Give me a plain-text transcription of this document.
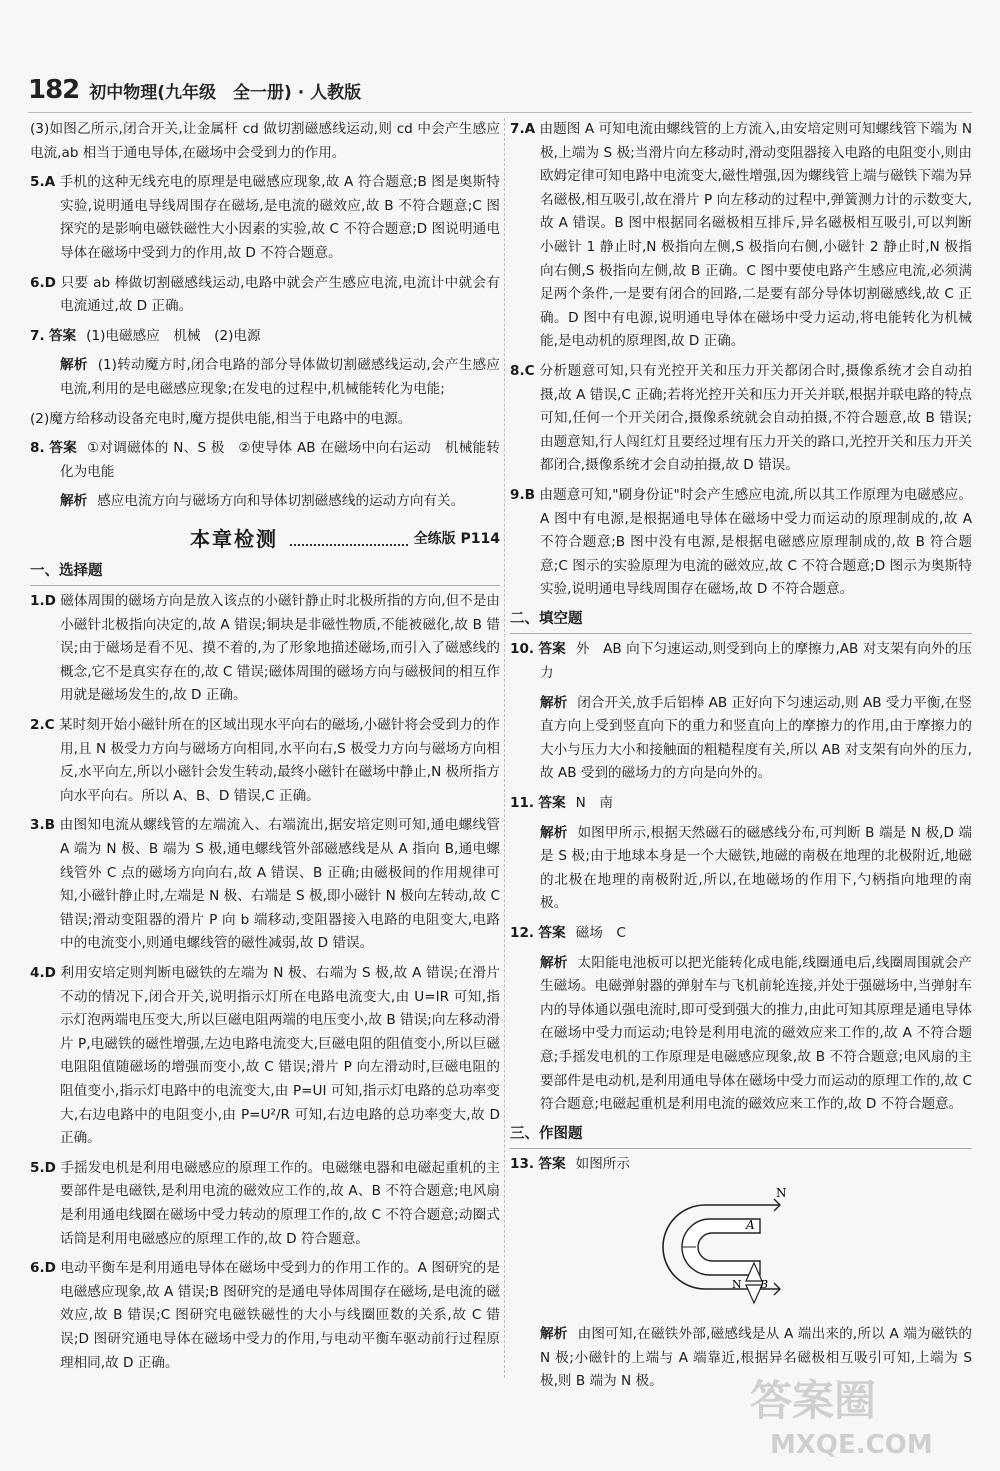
182 初中物理(九年级　全一册) · 人教版

(3)如图乙所示,闭合开关,让金属杆 cd 做切割磁感线运动,则 cd 中会产生感应电流,ab 相当于通电导体,在磁场中会受到力的作用。

5.A 手机的这种无线充电的原理是电磁感应现象,故 A 符合题意;B 图是奥斯特实验,说明通电导线周围存在磁场,是电流的磁效应,故 B 不符合题意;C 图探究的是影响电磁铁磁性大小因素的实验,故 C 不符合题意;D 图说明通电导体在磁场中受到力的作用,故 D 不符合题意。

6.D 只要 ab 棒做切割磁感线运动,电路中就会产生感应电流,电流计中就会有电流通过,故 D 正确。

7. 答案 (1)电磁感应　机械　(2)电源

解析 (1)转动魔方时,闭合电路的部分导体做切割磁感线运动,会产生感应电流,利用的是电磁感应现象;在发电的过程中,机械能转化为电能;

(2)魔方给移动设备充电时,魔方提供电能,相当于电路中的电源。

8. 答案 ①对调磁体的 N、S 极　②使导体 AB 在磁场中向右运动　机械能转化为电能

解析 感应电流方向与磁场方向和导体切割磁感线的运动方向有关。

本章检测	全练版 P114
一、选择题

1.D 磁体周围的磁场方向是放入该点的小磁针静止时北极所指的方向,但不是由小磁针北极指向决定的,故 A 错误;铜块是非磁性物质,不能被磁化,故 B 错误;由于磁场是看不见、摸不着的,为了形象地描述磁场,而引入了磁感线的概念,它不是真实存在的,故 C 错误;磁体周围的磁场方向与磁极间的相互作用就是磁场发生的,故 D 正确。

2.C 某时刻开始小磁针所在的区域出现水平向右的磁场,小磁针将会受到力的作用,且 N 极受力方向与磁场方向相同,水平向右,S 极受力方向与磁场方向相反,水平向左,所以小磁针会发生转动,最终小磁针在磁场中静止,N 极所指方向水平向右。所以 A、B、D 错误,C 正确。

3.B 由图知电流从螺线管的左端流入、右端流出,据安培定则可知,通电螺线管 A 端为 N 极、B 端为 S 极,通电螺线管外部磁感线是从 A 指向 B,通电螺线管外 C 点的磁场方向向右,故 A 错误、B 正确;由磁极间的作用规律可知,小磁针静止时,左端是 N 极、右端是 S 极,即小磁针 N 极向左转动,故 C 错误;滑动变阻器的滑片 P 向 b 端移动,变阻器接入电路的电阻变大,电路中的电流变小,则通电螺线管的磁性减弱,故 D 错误。

4.D 利用安培定则判断电磁铁的左端为 N 极、右端为 S 极,故 A 错误;在滑片不动的情况下,闭合开关,说明指示灯所在电路电流变大,由 U=IR 可知,指示灯泡两端电压变大,所以巨磁电阻两端的电压变小,故 B 错误;向左移动滑片 P,电磁铁的磁性增强,左边电路电流变大,巨磁电阻的阻值变小,所以巨磁电阻阻值随磁场的增强而变小,故 C 错误;滑片 P 向左滑动时,巨磁电阻的阻值变小,指示灯电路中的电流变大,由 P=UI 可知,指示灯电路的总功率变大,右边电路中的电阻变小,由 P=U²/R 可知,右边电路的总功率变大,故 D 正确。

5.D 手摇发电机是利用电磁感应的原理工作的。电磁继电器和电磁起重机的主要部件是电磁铁,是利用电流的磁效应工作的,故 A、B 不符合题意;电风扇是利用通电线圈在磁场中受力转动的原理工作的,故 C 不符合题意;动圈式话筒是利用电磁感应的原理工作的,故 D 符合题意。

6.D 电动平衡车是利用通电导体在磁场中受到力的作用工作的。A 图研究的是电磁感应现象,故 A 错误;B 图研究的是通电导体周围存在磁场,是电流的磁效应,故 B 错误;C 图研究电磁铁磁性的大小与线圈匝数的关系,故 C 错误;D 图研究通电导体在磁场中受力的作用,与电动平衡车驱动前行过程原理相同,故 D 正确。

7.A 由题图 A 可知电流由螺线管的上方流入,由安培定则可知螺线管下端为 N 极,上端为 S 极;当滑片向左移动时,滑动变阻器接入电路的电阻变小,则由欧姆定律可知电路中电流变大,磁性增强,因为螺线管上端与磁铁下端为异名磁极,相互吸引,故在滑片 P 向左移动的过程中,弹簧测力计的示数变大,故 A 错误。B 图中根据同名磁极相互排斥,异名磁极相互吸引,可以判断小磁针 1 静止时,N 极指向左侧,S 极指向右侧,小磁针 2 静止时,N 极指向右侧,S 极指向左侧,故 B 正确。C 图中要使电路产生感应电流,必须满足两个条件,一是要有闭合的回路,二是要有部分导体切割磁感线,故 C 正确。D 图中有电源,说明通电导体在磁场中受力运动,将电能转化为机械能,是电动机的原理图,故 D 正确。

8.C 分析题意可知,只有光控开关和压力开关都闭合时,摄像系统才会自动拍摄,故 A 错误,C 正确;若将光控开关和压力开关并联,根据并联电路的特点可知,任何一个开关闭合,摄像系统就会自动拍摄,不符合题意,故 B 错误;由题意知,行人闯红灯且要经过埋有压力开关的路口,光控开关和压力开关都闭合,摄像系统才会自动拍摄,故 D 错误。

9.B 由题意可知,"刷身份证"时会产生感应电流,所以其工作原理为电磁感应。A 图中有电源,是根据通电导体在磁场中受力而运动的原理制成的,故 A 不符合题意;B 图中没有电源,是根据电磁感应原理制成的,故 B 符合题意;C 图示的实验原理为电流的磁效应,故 C 不符合题意;D 图示为奥斯特实验,说明通电导线周围存在磁场,故 D 不符合题意。

二、填空题

10. 答案 外　AB 向下匀速运动,则受到向上的摩擦力,AB 对支架有向外的压力

解析 闭合开关,放手后铝棒 AB 正好向下匀速运动,则 AB 受力平衡,在竖直方向上受到竖直向下的重力和竖直向上的摩擦力的作用,由于摩擦力的大小与压力大小和接触面的粗糙程度有关,所以 AB 对支架有向外的压力,故 AB 受到的磁场力的方向是向外的。

11. 答案 N　南

解析 如图甲所示,根据天然磁石的磁感线分布,可判断 B 端是 N 极,D 端是 S 极;由于地球本身是一个大磁铁,地磁的南极在地理的北极附近,地磁的北极在地理的南极附近,所以,在地磁场的作用下,勺柄指向地理的南极。

12. 答案 磁场　C

解析 太阳能电池板可以把光能转化成电能,线圈通电后,线圈周围就会产生磁场。电磁弹射器的弹射车与飞机前轮连接,并处于强磁场中,当弹射车内的导体通以强电流时,即可受到强大的推力,由此可知其原理是通电导体在磁场中受力而运动;电铃是利用电流的磁效应来工作的,故 A 不符合题意;手摇发电机的工作原理是电磁感应现象,故 B 不符合题意;电风扇的主要部件是电动机,是利用通电导体在磁场中受力而运动的原理工作的,故 C 符合题意;电磁起重机是利用电流的磁效应来工作的,故 D 不符合题意。

三、作图题

13. 答案 如图所示

N
A
N B

解析 由图可知,在磁铁外部,磁感线是从 A 端出来的,所以 A 端为磁铁的 N 极;小磁针的上端与 A 端靠近,根据异名磁极相互吸引可知,上端为 S 极,则 B 端为 N 极。	答案圈
MXQE.COM
